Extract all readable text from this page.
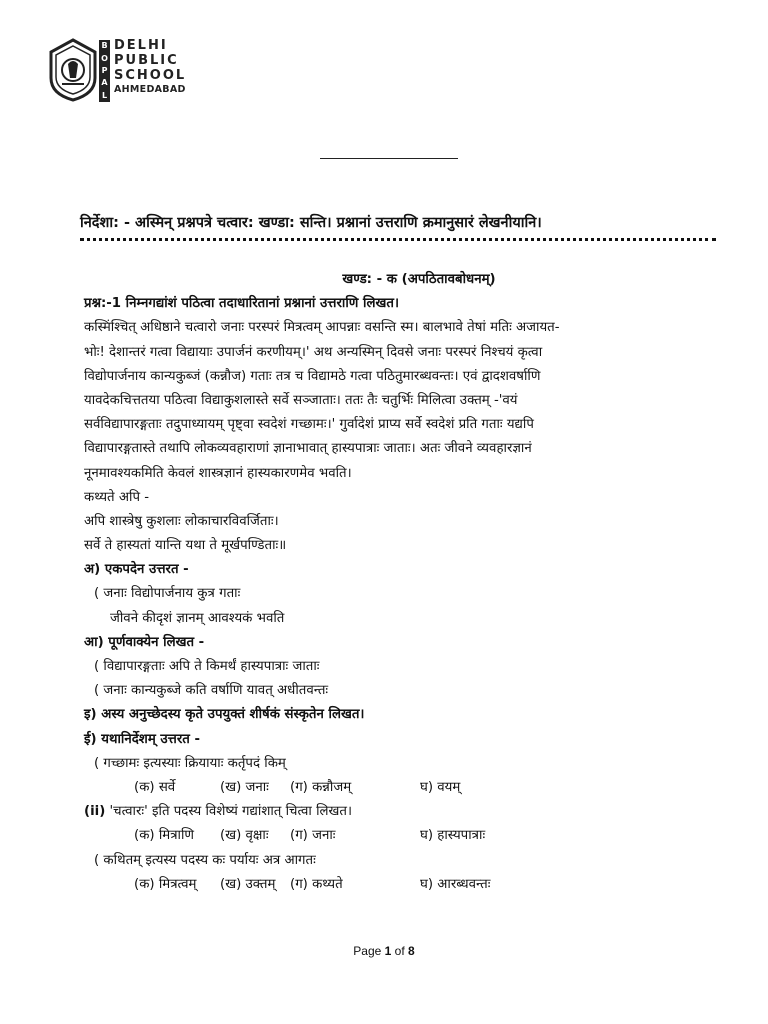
B
O
P
A
L
DELHI
PUBLIC
SCHOOL
AHMEDABAD
निर्देशा: - अस्मिन् प्रश्नपत्रे चत्वार: खण्डा: सन्ति। प्रश्नानां उत्तराणि क्रमानुसारं लेखनीयानि।
खण्ड: - क (अपठितावबोधनम्)
प्रश्न:-1 निम्नगद्यांशं पठित्वा तदाधारितानां प्रश्नानां उत्तराणि लिखत।
कस्मिंश्चित् अधिष्ठाने चत्वारो जनाः परस्परं मित्रत्वम् आपन्नाः वसन्ति स्म। बालभावे तेषां मतिः अजायत-
भोः! देशान्तरं गत्वा विद्यायाः उपार्जनं करणीयम्।' अथ अन्यस्मिन् दिवसे जनाः परस्परं निश्चयं कृत्वा
विद्योपार्जनाय कान्यकुब्जं (कन्नौज) गताः तत्र च विद्यामठे गत्वा पठितुमारब्धवन्तः। एवं द्वादशवर्षाणि
यावदेकचित्ततया पठित्वा विद्याकुशलास्ते सर्वे सञ्जाताः। ततः तैः चतुर्भिः मिलित्वा उक्तम् -'वयं
सर्वविद्यापारङ्गताः तदुपाध्यायम् पृष्ट्वा स्वदेशं गच्छामः।' गुर्वादेशं प्राप्य सर्वे स्वदेशं प्रति गताः यद्यपि
विद्यापारङ्गतास्ते तथापि लोकव्यवहाराणां ज्ञानाभावात् हास्यपात्राः जाताः। अतः जीवने व्यवहारज्ञानं
नूनमावश्यकमिति केवलं शास्त्रज्ञानं हास्यकारणमेव भवति।
कथ्यते अपि -
अपि शास्त्रेषु कुशलाः लोकाचारविवर्जिताः।
सर्वे ते हास्यतां यान्ति यथा ते मूर्खपण्डिताः॥
अ) एकपदेन उत्तरत -
( जनाः विद्योपार्जनाय कुत्र गताः
जीवने कीदृशं ज्ञानम् आवश्यकं भवति
आ) पूर्णवाक्येन लिखत -
( विद्यापारङ्गताः अपि ते किमर्थं हास्यपात्राः जाताः
( जनाः कान्यकुब्जे कति वर्षाणि यावत् अधीतवन्तः
इ) अस्य अनुच्छेदस्य कृते उपयुक्तं शीर्षकं संस्कृतेन लिखत।
ई) यथानिर्देशम् उत्तरत -
( गच्छामः इत्यस्याः क्रियायाः कर्तृपदं किम्
(क) सर्वे	(ख) जनाः (ग) कन्नौजम्	घ) वयम्
(ii) 'चत्वारः' इति पदस्य विशेष्यं गद्यांशात् चित्वा लिखत।
(क) मित्राणि (ख) वृक्षाः (ग) जनाः	घ) हास्यपात्राः
( कथितम् इत्यस्य पदस्य कः पर्यायः अत्र आगतः
(क) मित्रत्वम् (ख) उक्तम् (ग) कथ्यते	घ) आरब्धवन्तः
Page 1 of 8
